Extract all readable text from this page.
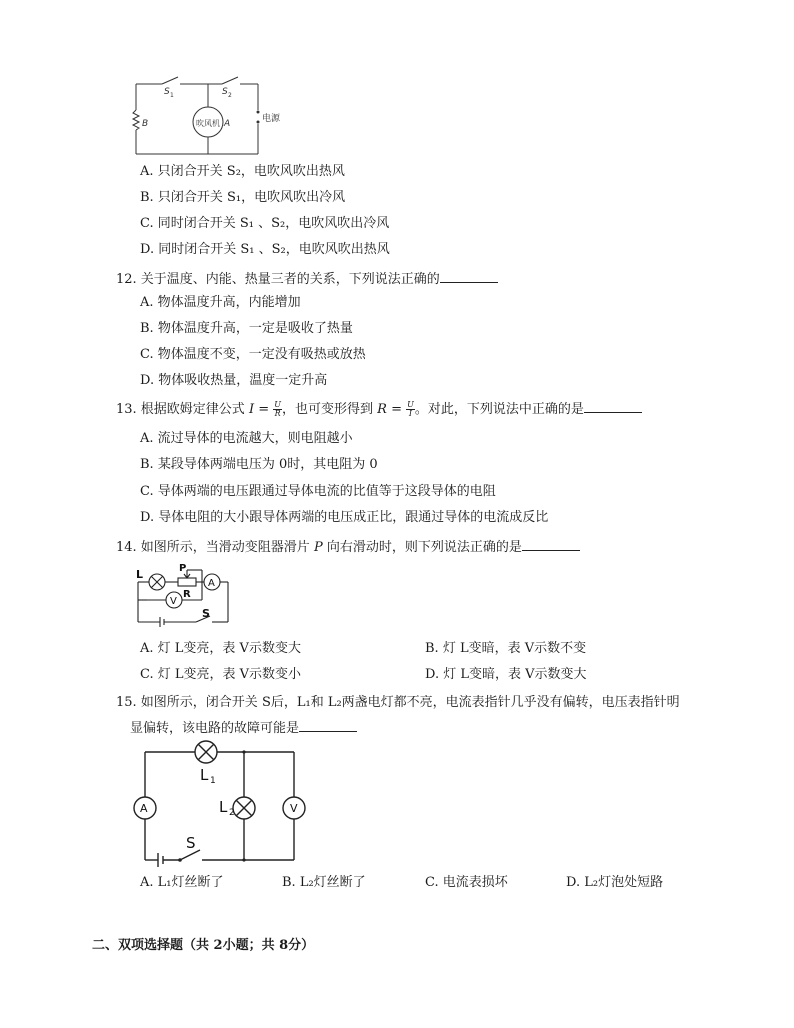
S 1	S 2
B	吹风机 A	电源
A. 只闭合开关 S₂，电吹风吹出热风
B. 只闭合开关 S₁，电吹风吹出冷风
C. 同时闭合开关 S₁ 、S₂，电吹风吹出冷风
D. 同时闭合开关 S₁ 、S₂，电吹风吹出热风
12. 关于温度、内能、热量三者的关系，下列说法正确的
A. 物体温度升高，内能增加
B. 物体温度升高，一定是吸收了热量
C. 物体温度不变，一定没有吸热或放热
D. 物体吸收热量，温度一定升高
13. 根据欧姆定律公式 $I = \frac{U}{R}$ ，也可变形得到 $R = \frac{U}{I}$ 。对此，下列说法中正确的是
A. 流过导体的电流越大，则电阻越小
B. 某段导体两端电压为 0时，其电阻为 0
C. 导体两端的电压跟通过导体电流的比值等于这段导体的电阻
D. 导体电阻的大小跟导体两端的电压成正比，跟通过导体的电流成反比
14. 如图所示，当滑动变阻器滑片 P 向右滑动时，则下列说法正确的是
L	P
R
A
V
S
A. 灯 L变亮，表 V示数变大	B. 灯 L变暗，表 V示数不变
C. 灯 L变亮，表 V示数变小	D. 灯 L变暗，表 V示数变大
15. 如图所示，闭合开关 S后，L₁和 L₂两盏电灯都不亮，电流表指针几乎没有偏转，电压表指针明
显偏转，该电路的故障可能是
L 1
L 2
A	V
S
A. L₁灯丝断了	B. L₂灯丝断了	C. 电流表损坏	D. L₂灯泡处短路
二、双项选择题（共 2小题；共 8分）
